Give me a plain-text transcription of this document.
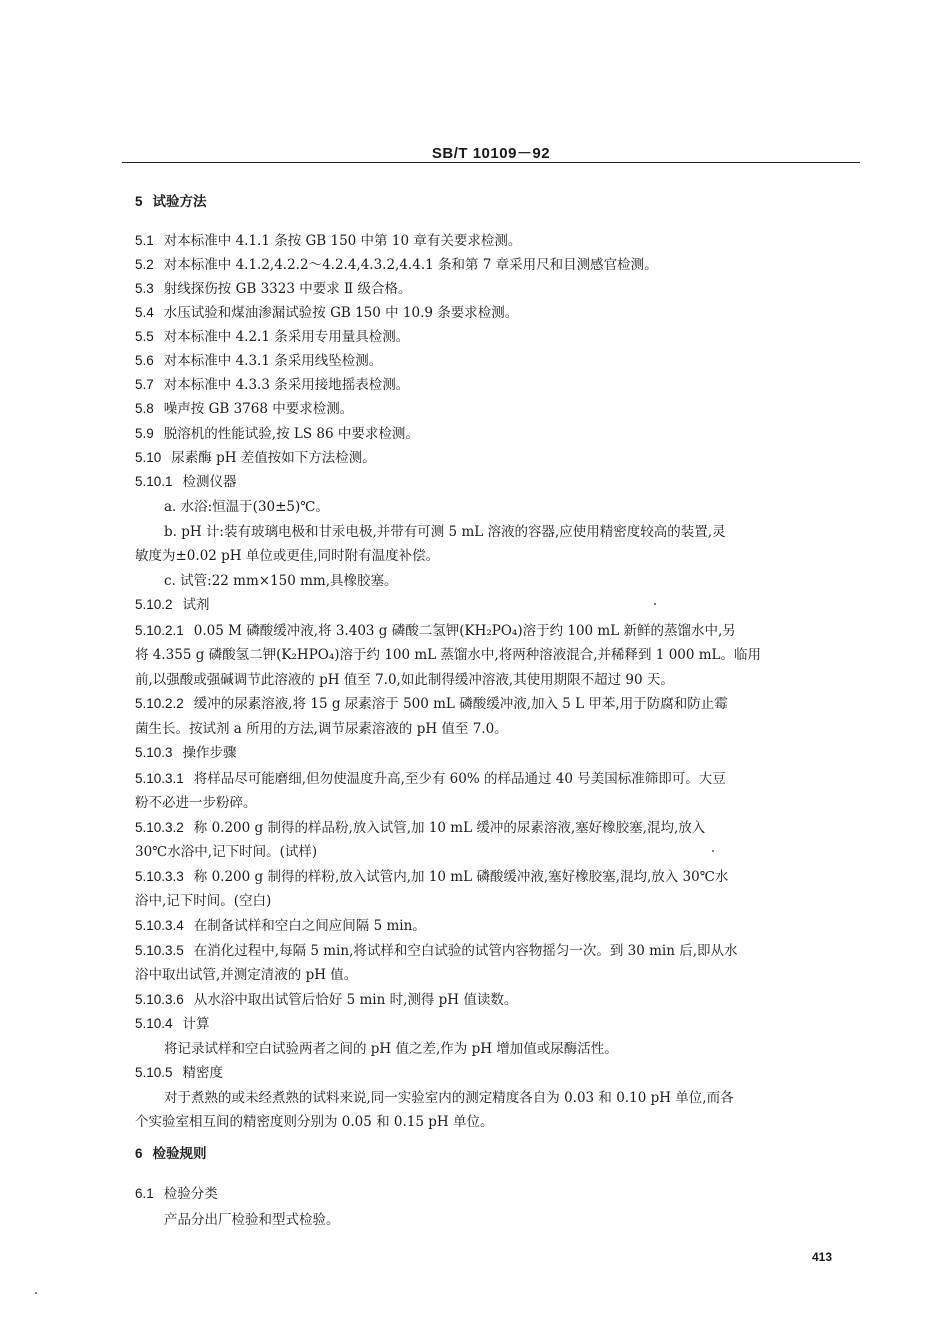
SB/T 10109－92
5 试验方法
5.1 对本标准中 4.1.1 条按 GB 150 中第 10 章有关要求检测。
5.2 对本标准中 4.1.2,4.2.2～4.2.4,4.3.2,4.4.1 条和第 7 章采用尺和目测感官检测。
5.3 射线探伤按 GB 3323 中要求 Ⅱ 级合格。
5.4 水压试验和煤油渗漏试验按 GB 150 中 10.9 条要求检测。
5.5 对本标准中 4.2.1 条采用专用量具检测。
5.6 对本标准中 4.3.1 条采用线坠检测。
5.7 对本标准中 4.3.3 条采用接地摇表检测。
5.8 噪声按 GB 3768 中要求检测。
5.9 脱溶机的性能试验,按 LS 86 中要求检测。
5.10 尿素酶 pH 差值按如下方法检测。
5.10.1 检测仪器
a. 水浴:恒温于(30±5)℃。
b. pH 计:装有玻璃电极和甘汞电极,并带有可测 5 mL 溶液的容器,应使用精密度较高的装置,灵
敏度为±0.02 pH 单位或更佳,同时附有温度补偿。
c. 试管:22 mm×150 mm,具橡胶塞。
5.10.2 试剂
5.10.2.1 0.05 M 磷酸缓冲液,将 3.403 g 磷酸二氢钾(KH₂PO₄)溶于约 100 mL 新鲜的蒸馏水中,另
将 4.355 g 磷酸氢二钾(K₂HPO₄)溶于约 100 mL 蒸馏水中,将两种溶液混合,并稀释到 1 000 mL。临用
前,以强酸或强碱调节此溶液的 pH 值至 7.0,如此制得缓冲溶液,其使用期限不超过 90 天。
5.10.2.2 缓冲的尿素溶液,将 15 g 尿素溶于 500 mL 磷酸缓冲液,加入 5 L 甲苯,用于防腐和防止霉
菌生长。按试剂 a 所用的方法,调节尿素溶液的 pH 值至 7.0。
5.10.3 操作步骤
5.10.3.1 将样品尽可能磨细,但勿使温度升高,至少有 60% 的样品通过 40 号美国标准筛即可。大豆
粉不必进一步粉碎。
5.10.3.2 称 0.200 g 制得的样品粉,放入试管,加 10 mL 缓冲的尿素溶液,塞好橡胶塞,混均,放入
30℃水浴中,记下时间。(试样)
5.10.3.3 称 0.200 g 制得的样粉,放入试管内,加 10 mL 磷酸缓冲液,塞好橡胶塞,混均,放入 30℃水
浴中,记下时间。(空白)
5.10.3.4 在制备试样和空白之间应间隔 5 min。
5.10.3.5 在消化过程中,每隔 5 min,将试样和空白试验的试管内容物摇匀一次。到 30 min 后,即从水
浴中取出试管,并测定清液的 pH 值。
5.10.3.6 从水浴中取出试管后恰好 5 min 时,测得 pH 值读数。
5.10.4 计算
将记录试样和空白试验两者之间的 pH 值之差,作为 pH 增加值或尿酶活性。
5.10.5 精密度
对于煮熟的或未经煮熟的试料来说,同一实验室内的测定精度各自为 0.03 和 0.10 pH 单位,而各
个实验室相互间的精密度则分别为 0.05 和 0.15 pH 单位。
6 检验规则
6.1 检验分类
产品分出厂检验和型式检验。
413
